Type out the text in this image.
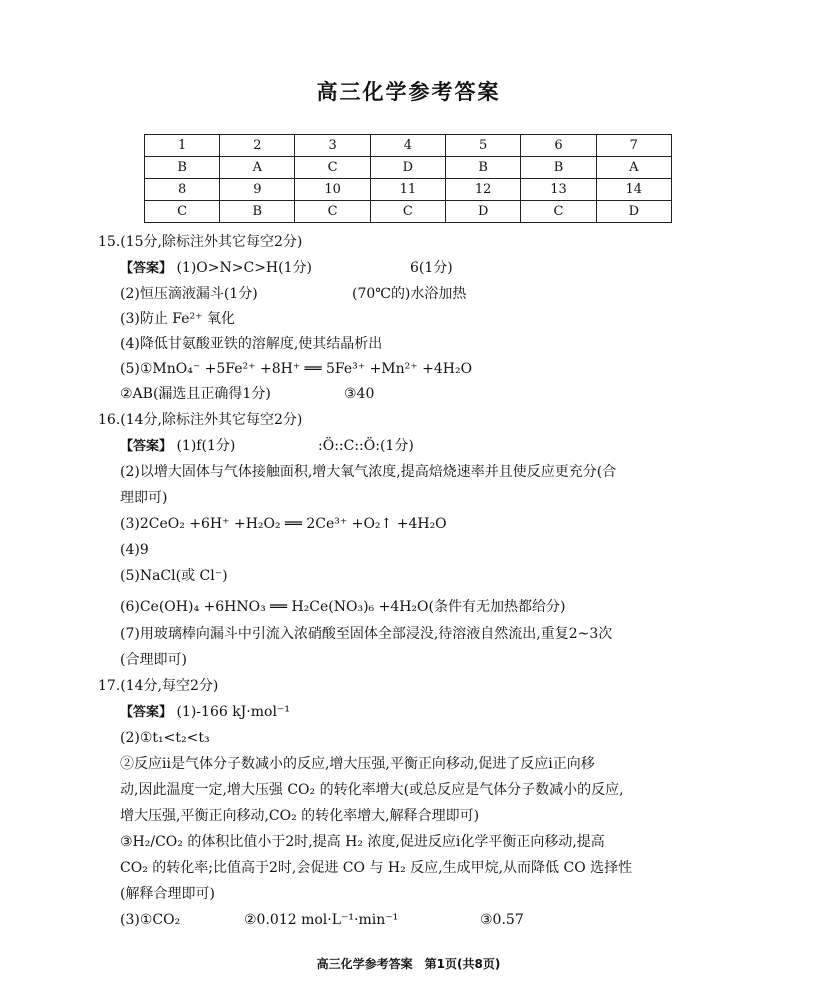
高三化学参考答案
1	2	3	4	5	6	7
B	A	C	D	B	B	A
8	9	10	11	12	13	14
C	B	C	C	D	C	D
15.(15分,除标注外其它每空2分)
【答案】 (1)O>N>C>H(1分)	6(1分)
(2)恒压滴液漏斗(1分)	(70℃的)水浴加热
(3)防止 Fe²⁺ 氧化
(4)降低甘氨酸亚铁的溶解度,使其结晶析出
(5)①MnO₄⁻ +5Fe²⁺ +8H⁺ ══ 5Fe³⁺ +Mn²⁺ +4H₂O
②AB(漏选且正确得1分)	③40
16.(14分,除标注外其它每空2分)
【答案】 (1)f(1分)	:Ö::C::Ö:(1分)
(2)以增大固体与气体接触面积,增大氧气浓度,提高焙烧速率并且使反应更充分(合
理即可)
(3)2CeO₂ +6H⁺ +H₂O₂ ══ 2Ce³⁺ +O₂↑ +4H₂O
(4)9
(5)NaCl(或 Cl⁻)
(6)Ce(OH)₄ +6HNO₃ ══ H₂Ce(NO₃)₆ +4H₂O(条件有无加热都给分)
(7)用玻璃棒向漏斗中引流入浓硝酸至固体全部浸没,待溶液自然流出,重复2~3次
(合理即可)
17.(14分,每空2分)
【答案】 (1)-166 kJ·mol⁻¹
(2)①t₁<t₂<t₃
②反应ⅱ是气体分子数减小的反应,增大压强,平衡正向移动,促进了反应ⅰ正向移
动,因此温度一定,增大压强 CO₂ 的转化率增大(或总反应是气体分子数减小的反应,
增大压强,平衡正向移动,CO₂ 的转化率增大,解释合理即可)
③H₂/CO₂ 的体积比值小于2时,提高 H₂ 浓度,促进反应ⅰ化学平衡正向移动,提高
CO₂ 的转化率;比值高于2时,会促进 CO 与 H₂ 反应,生成甲烷,从而降低 CO 选择性
(解释合理即可)
(3)①CO₂	②0.012 mol·L⁻¹·min⁻¹	③0.57
高三化学参考答案　第1页(共8页)
